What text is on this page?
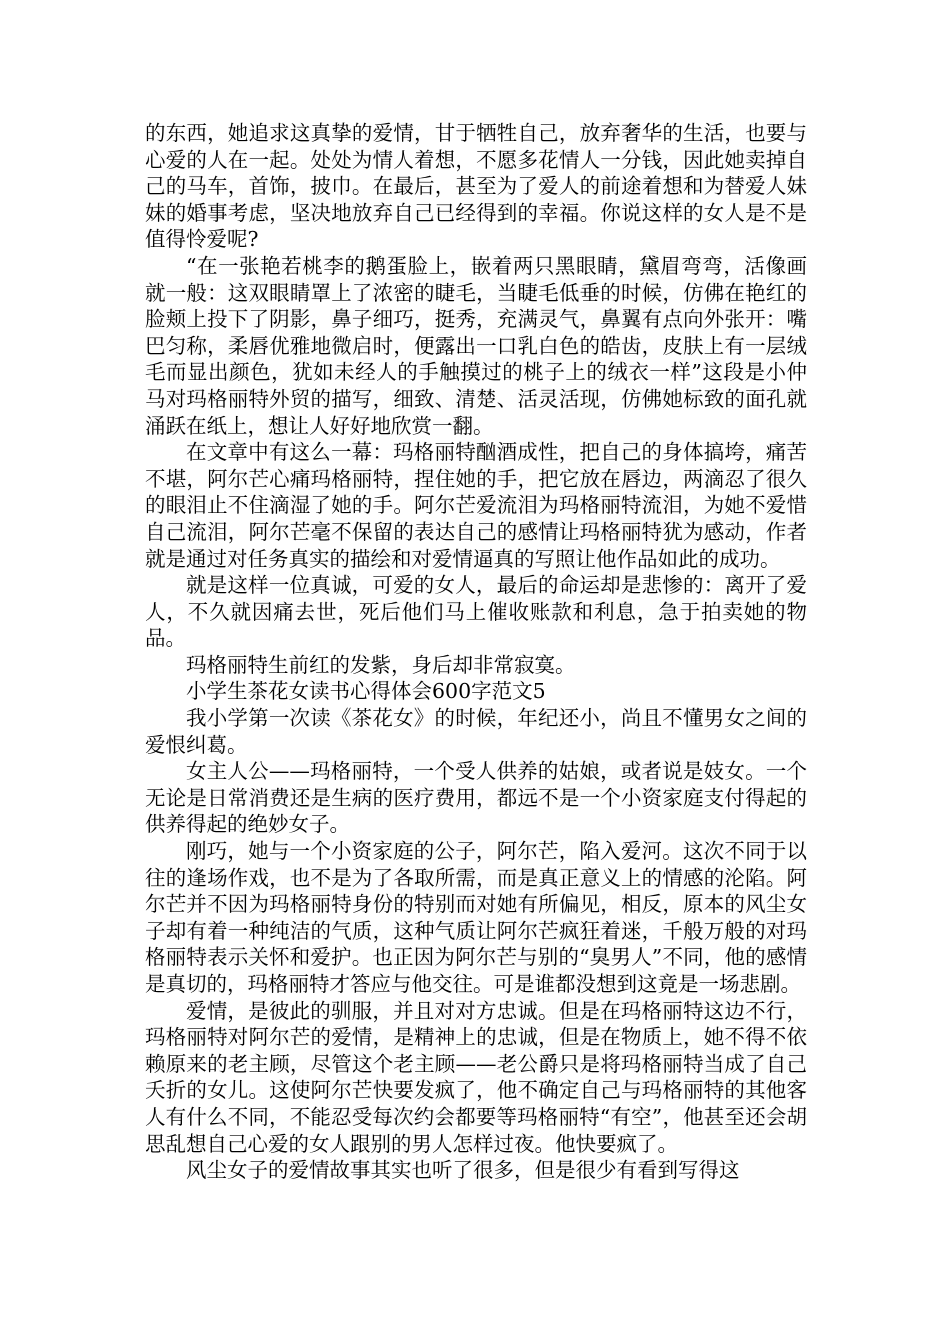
的东西，她追求这真挚的爱情，甘于牺牲自己，放弃奢华的生活，也要与心爱的人在一起。处处为情人着想，不愿多花情人一分钱，因此她卖掉自己的马车，首饰，披巾。在最后，甚至为了爱人的前途着想和为替爱人妹妹的婚事考虑，坚决地放弃自己已经得到的幸福。你说这样的女人是不是值得怜爱呢?

“在一张艳若桃李的鹅蛋脸上，嵌着两只黑眼睛，黛眉弯弯，活像画就一般：这双眼睛罩上了浓密的睫毛，当睫毛低垂的时候，仿佛在艳红的脸颊上投下了阴影，鼻子细巧，挺秀，充满灵气，鼻翼有点向外张开：嘴巴匀称，柔唇优雅地微启时，便露出一口乳白色的皓齿，皮肤上有一层绒毛而显出颜色，犹如未经人的手触摸过的桃子上的绒衣一样”这段是小仲马对玛格丽特外贸的描写，细致、清楚、活灵活现，仿佛她标致的面孔就涌跃在纸上，想让人好好地欣赏一翻。

在文章中有这么一幕：玛格丽特酗酒成性，把自己的身体搞垮，痛苦不堪，阿尔芒心痛玛格丽特，捏住她的手，把它放在唇边，两滴忍了很久的眼泪止不住滴湿了她的手。阿尔芒爱流泪为玛格丽特流泪，为她不爱惜自己流泪，阿尔芒毫不保留的表达自己的感情让玛格丽特犹为感动，作者就是通过对任务真实的描绘和对爱情逼真的写照让他作品如此的成功。

就是这样一位真诚，可爱的女人，最后的命运却是悲惨的：离开了爱人，不久就因痛去世，死后他们马上催收账款和利息，急于拍卖她的物品。

玛格丽特生前红的发紫，身后却非常寂寞。

小学生茶花女读书心得体会600字范文5

我小学第一次读《茶花女》的时候，年纪还小，尚且不懂男女之间的爱恨纠葛。

女主人公——玛格丽特，一个受人供养的姑娘，或者说是妓女。一个无论是日常消费还是生病的医疗费用，都远不是一个小资家庭支付得起的供养得起的绝妙女子。

刚巧，她与一个小资家庭的公子，阿尔芒，陷入爱河。这次不同于以往的逢场作戏，也不是为了各取所需，而是真正意义上的情感的沦陷。阿尔芒并不因为玛格丽特身份的特别而对她有所偏见，相反，原本的风尘女子却有着一种纯洁的气质，这种气质让阿尔芒疯狂着迷，千般万般的对玛格丽特表示关怀和爱护。也正因为阿尔芒与别的“臭男人”不同，他的感情是真切的，玛格丽特才答应与他交往。可是谁都没想到这竟是一场悲剧。

爱情，是彼此的驯服，并且对对方忠诚。但是在玛格丽特这边不行，玛格丽特对阿尔芒的爱情，是精神上的忠诚，但是在物质上，她不得不依赖原来的老主顾，尽管这个老主顾——老公爵只是将玛格丽特当成了自己夭折的女儿。这使阿尔芒快要发疯了，他不确定自己与玛格丽特的其他客人有什么不同，不能忍受每次约会都要等玛格丽特“有空”，他甚至还会胡思乱想自己心爱的女人跟别的男人怎样过夜。他快要疯了。

风尘女子的爱情故事其实也听了很多，但是很少有看到写得这
